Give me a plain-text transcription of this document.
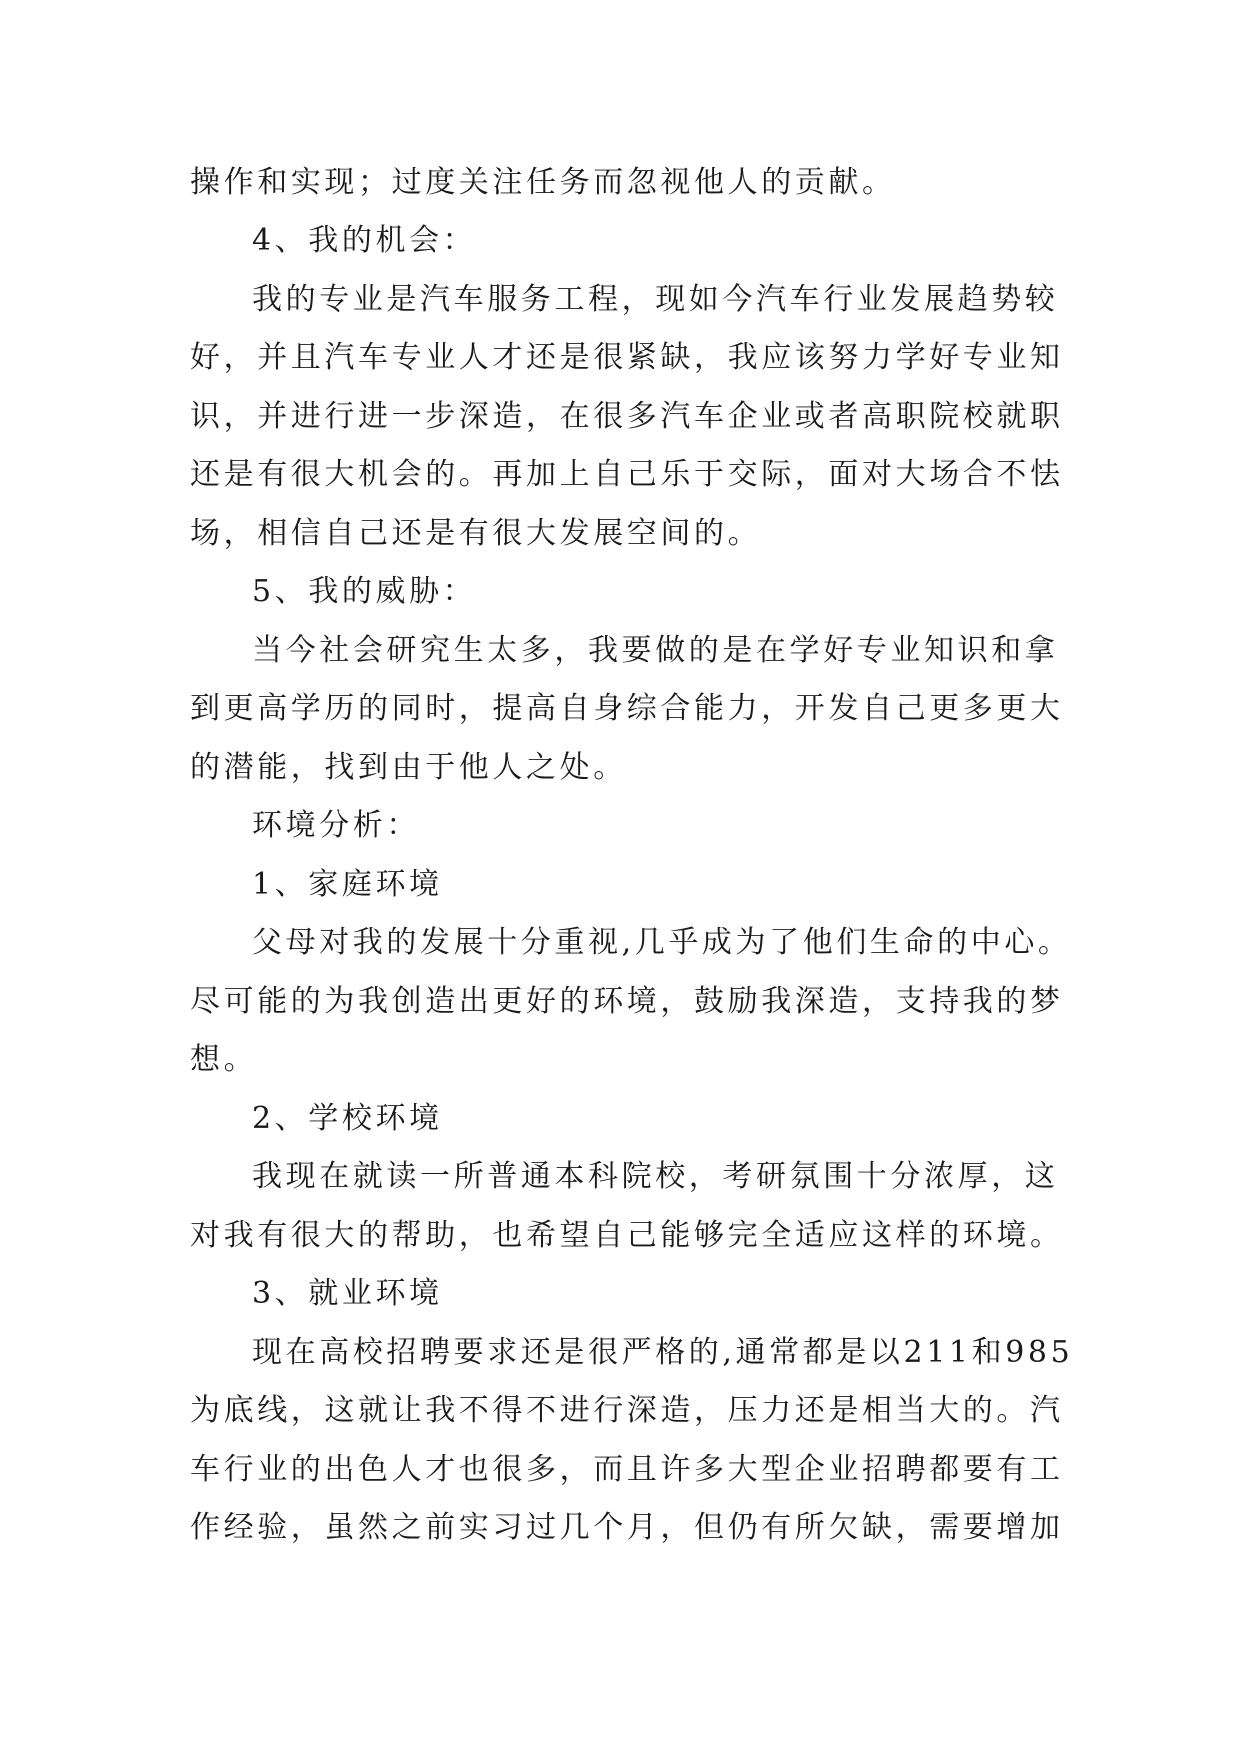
操作和实现；过度关注任务而忽视他人的贡献。
4、我的机会：
我的专业是汽车服务工程，现如今汽车行业发展趋势较
好，并且汽车专业人才还是很紧缺，我应该努力学好专业知
识，并进行进一步深造，在很多汽车企业或者高职院校就职
还是有很大机会的。再加上自己乐于交际，面对大场合不怯
场，相信自己还是有很大发展空间的。
5、我的威胁：
当今社会研究生太多，我要做的是在学好专业知识和拿
到更高学历的同时，提高自身综合能力，开发自己更多更大
的潜能，找到由于他人之处。
环境分析：
1、家庭环境
父母对我的发展十分重视,几乎成为了他们生命的中心。
尽可能的为我创造出更好的环境，鼓励我深造，支持我的梦
想。
2、学校环境
我现在就读一所普通本科院校，考研氛围十分浓厚，这
对我有很大的帮助，也希望自己能够完全适应这样的环境。
3、就业环境
现在高校招聘要求还是很严格的,通常都是以211和985
为底线，这就让我不得不进行深造，压力还是相当大的。汽
车行业的出色人才也很多，而且许多大型企业招聘都要有工
作经验，虽然之前实习过几个月，但仍有所欠缺，需要增加
